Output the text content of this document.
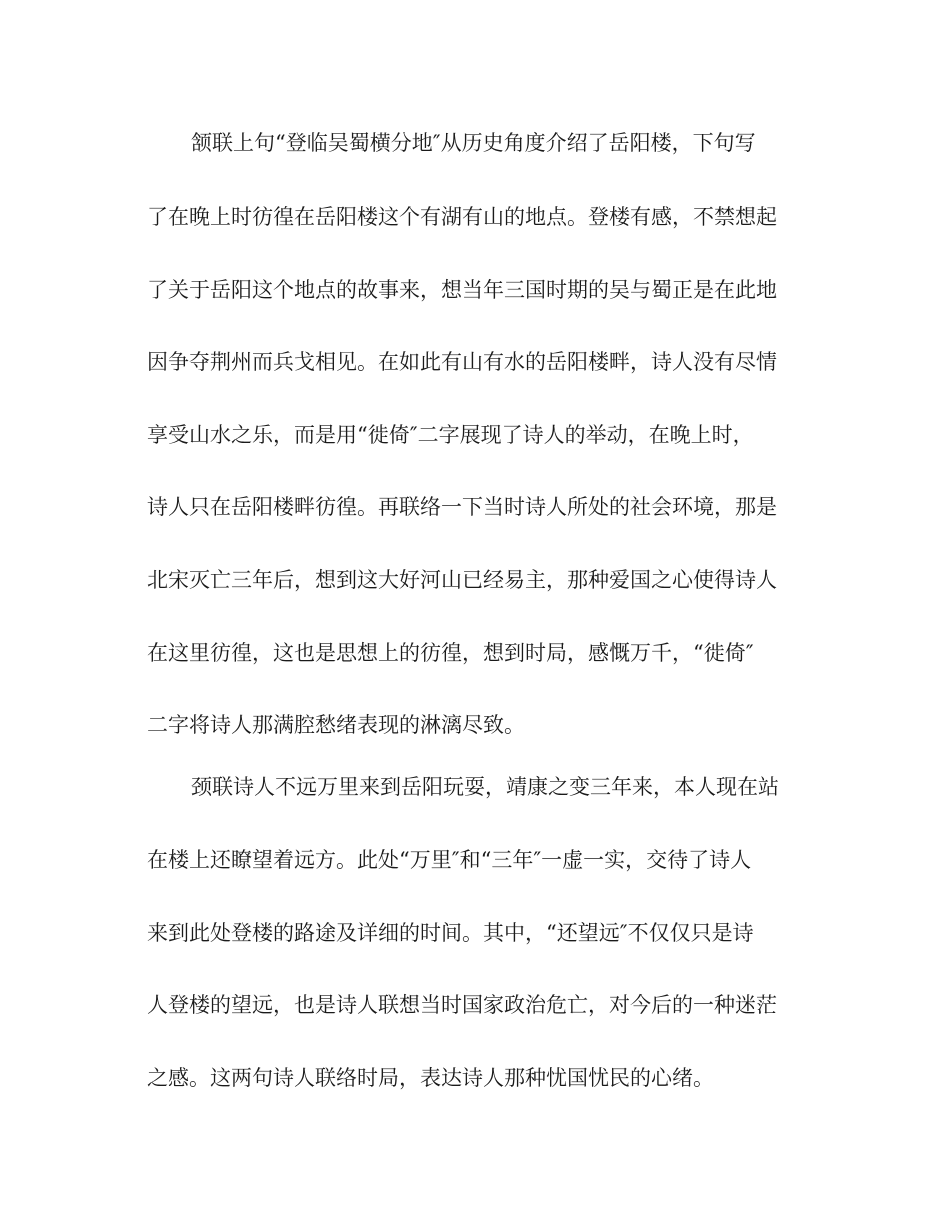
颔联上句“登临吴蜀横分地″从历史角度介绍了岳阳楼，下句写
了在晚上时彷徨在岳阳楼这个有湖有山的地点。登楼有感，不禁想起
了关于岳阳这个地点的故事来，想当年三国时期的吴与蜀正是在此地
因争夺荆州而兵戈相见。在如此有山有水的岳阳楼畔，诗人没有尽情
享受山水之乐，而是用“徙倚″二字展现了诗人的举动，在晚上时，
诗人只在岳阳楼畔彷徨。再联络一下当时诗人所处的社会环境，那是
北宋灭亡三年后，想到这大好河山已经易主，那种爱国之心使得诗人
在这里彷徨，这也是思想上的彷徨，想到时局，感慨万千，“徙倚″
二字将诗人那满腔愁绪表现的淋漓尽致。
颈联诗人不远万里来到岳阳玩耍，靖康之变三年来，本人现在站
在楼上还瞭望着远方。此处“万里″和“三年″一虚一实，交待了诗人
来到此处登楼的路途及详细的时间。其中，“还望远″不仅仅只是诗
人登楼的望远，也是诗人联想当时国家政治危亡，对今后的一种迷茫
之感。这两句诗人联络时局，表达诗人那种忧国忧民的心绪。
